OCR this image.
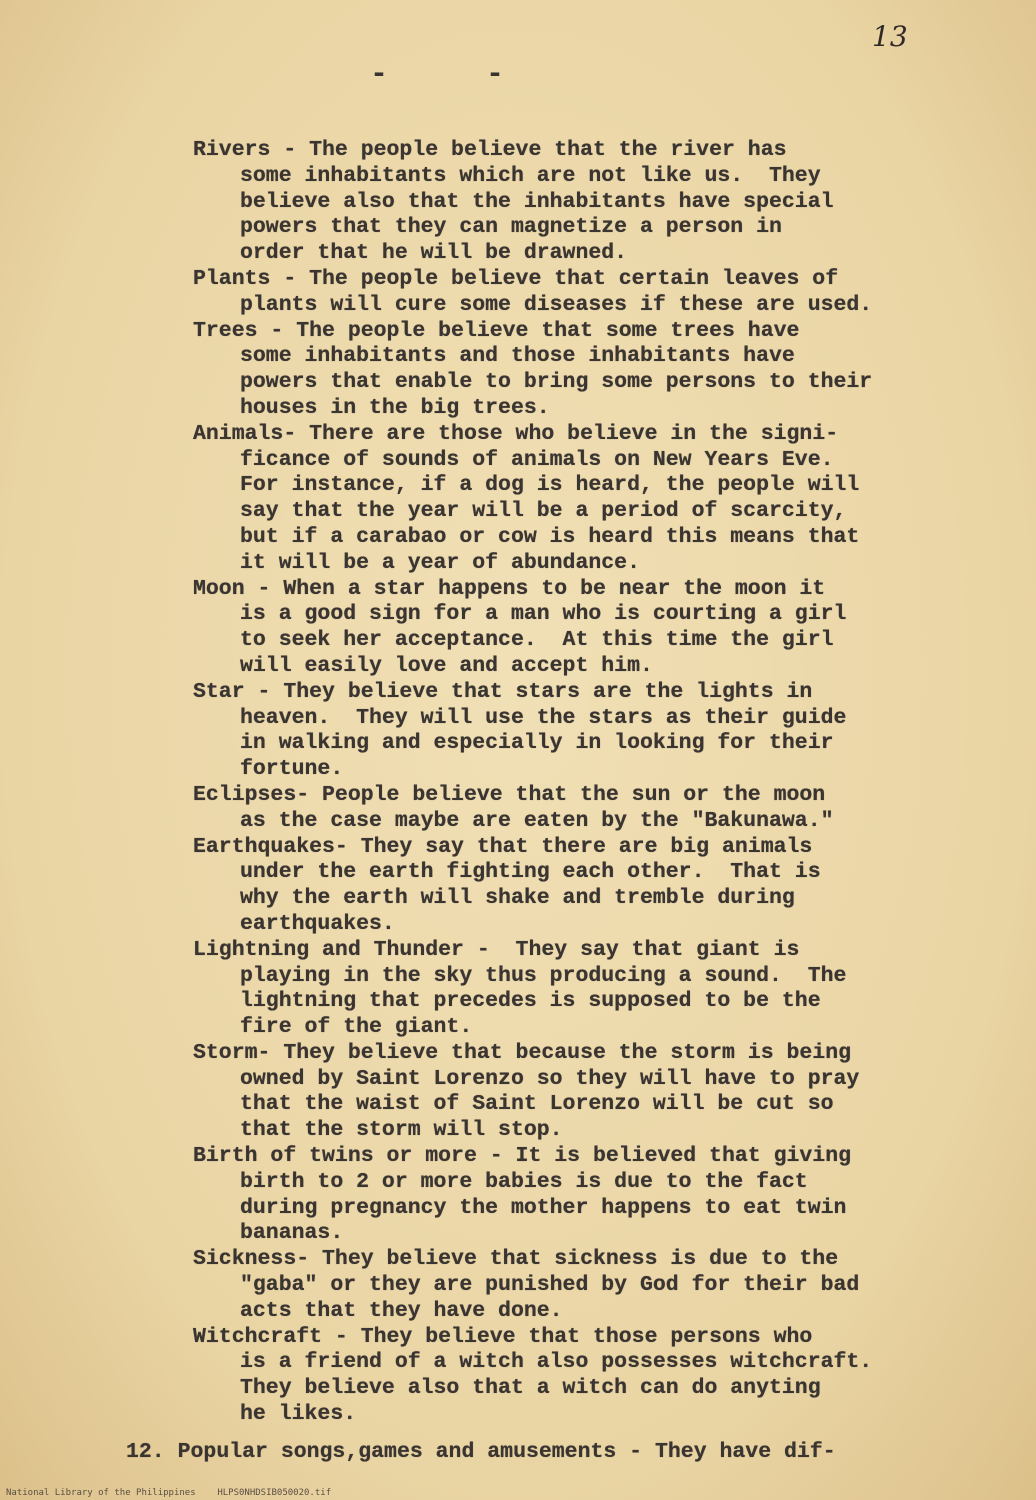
13
- -

Rivers - The people believe that the river has

some inhabitants which are not like us.  They

believe also that the inhabitants have special

powers that they can magnetize a person in

order that he will be drawned.

Plants - The people believe that certain leaves of

plants will cure some diseases if these are used.

Trees - The people believe that some trees have

some inhabitants and those inhabitants have

powers that enable to bring some persons to their

houses in the big trees.

Animals- There are those who believe in the signi-

ficance of sounds of animals on New Years Eve.

For instance, if a dog is heard, the people will

say that the year will be a period of scarcity,

but if a carabao or cow is heard this means that

it will be a year of abundance.

Moon - When a star happens to be near the moon it

is a good sign for a man who is courting a girl

to seek her acceptance.  At this time the girl

will easily love and accept him.

Star - They believe that stars are the lights in

heaven.  They will use the stars as their guide

in walking and especially in looking for their

fortune.

Eclipses- People believe that the sun or the moon

as the case maybe are eaten by the "Bakunawa."

Earthquakes- They say that there are big animals

under the earth fighting each other.  That is

why the earth will shake and tremble during

earthquakes.

Lightning and Thunder -  They say that giant is

playing in the sky thus producing a sound.  The

lightning that precedes is supposed to be the

fire of the giant.

Storm- They believe that because the storm is being

owned by Saint Lorenzo so they will have to pray

that the waist of Saint Lorenzo will be cut so

that the storm will stop.

Birth of twins or more - It is believed that giving

birth to 2 or more babies is due to the fact

during pregnancy the mother happens to eat twin

bananas.

Sickness- They believe that sickness is due to the

"gaba" or they are punished by God for their bad

acts that they have done.

Witchcraft - They believe that those persons who

is a friend of a witch also possesses witchcraft.

They believe also that a witch can do anyting

he likes.

12. Popular songs,games and amusements - They have dif-
National Library of the Philippines    HLPS0NHDSIB050020.tif
